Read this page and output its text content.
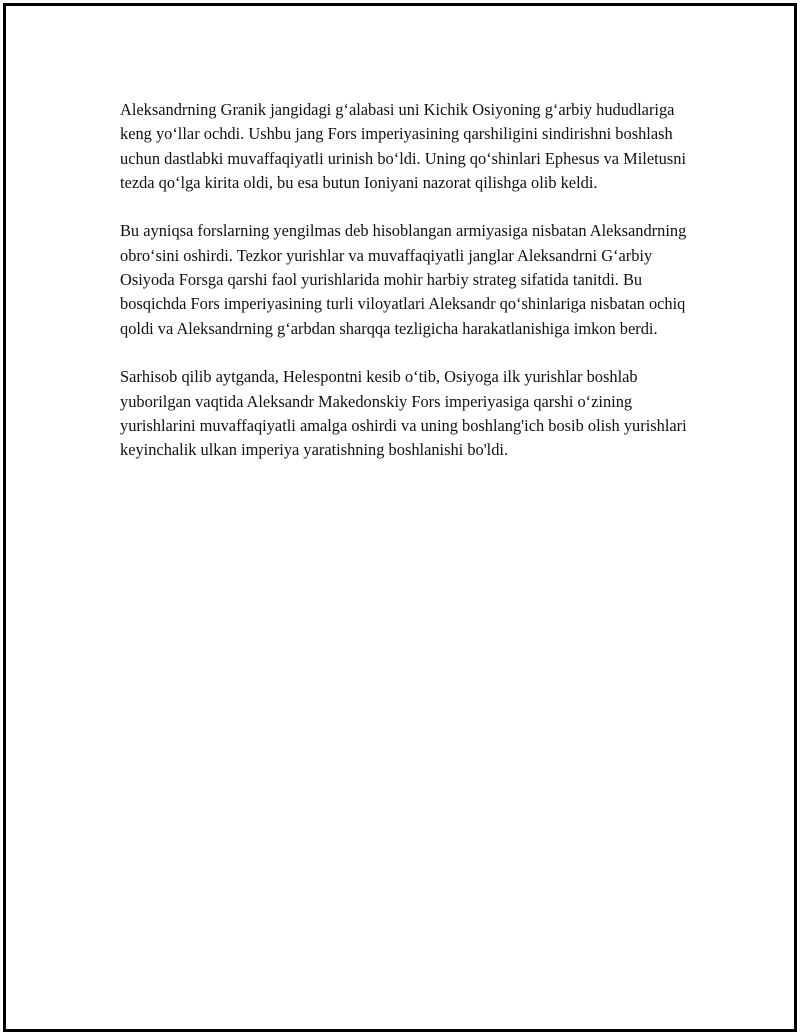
Aleksandrning Granik jangidagi g‘alabasi uni Kichik Osiyoning g‘arbiy hududlariga keng yo‘llar ochdi. Ushbu jang Fors imperiyasining qarshiligini sindirishni boshlash uchun dastlabki muvaffaqiyatli urinish bo‘ldi. Uning qo‘shinlari Ephesus va Miletusni tezda qo‘lga kirita oldi, bu esa butun Ioniyani nazorat qilishga olib keldi.

Bu ayniqsa forslarning yengilmas deb hisoblangan armiyasiga nisbatan Aleksandrning obro‘sini oshirdi. Tezkor yurishlar va muvaffaqiyatli janglar Aleksandrni G‘arbiy Osiyoda Forsga qarshi faol yurishlarida mohir harbiy strateg sifatida tanitdi. Bu bosqichda Fors imperiyasining turli viloyatlari Aleksandr qo‘shinlariga nisbatan ochiq qoldi va Aleksandrning g‘arbdan sharqqa tezligicha harakatlanishiga imkon berdi.

Sarhisob qilib aytganda, Helespontni kesib o‘tib, Osiyoga ilk yurishlar boshlab yuborilgan vaqtida Aleksandr Makedonskiy Fors imperiyasiga qarshi o‘zining yurishlarini muvaffaqiyatli amalga oshirdi va uning boshlang'ich bosib olish yurishlari keyinchalik ulkan imperiya yaratishning boshlanishi bo'ldi.
